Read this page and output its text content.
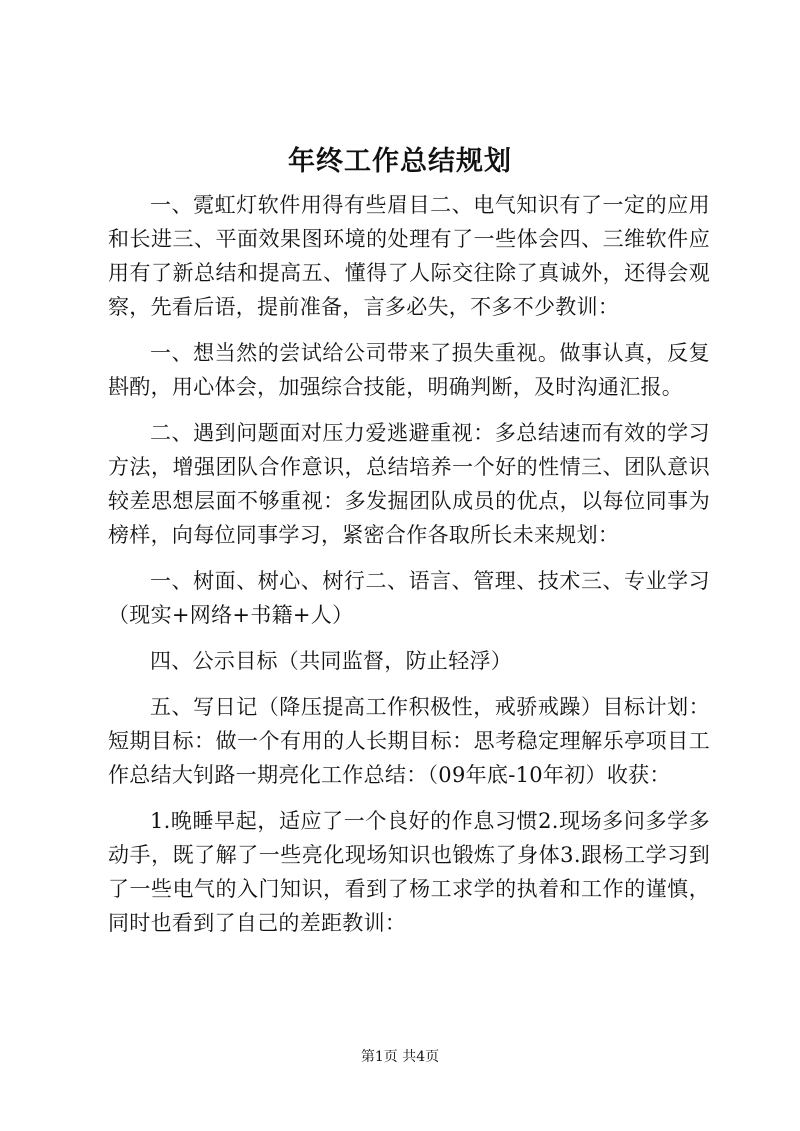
年终工作总结规划

一、霓虹灯软件用得有些眉目二、电气知识有了一定的应用和长进三、平面效果图环境的处理有了一些体会四、三维软件应用有了新总结和提高五、懂得了人际交往除了真诚外，还得会观察，先看后语，提前准备，言多必失，不多不少教训：

一、想当然的尝试给公司带来了损失重视。做事认真，反复斟酌，用心体会，加强综合技能，明确判断，及时沟通汇报。

二、遇到问题面对压力爱逃避重视：多总结速而有效的学习方法，增强团队合作意识，总结培养一个好的性情三、团队意识较差思想层面不够重视：多发掘团队成员的优点，以每位同事为榜样，向每位同事学习，紧密合作各取所长未来规划：

一、树面、树心、树行二、语言、管理、技术三、专业学习（现实+网络+书籍+人）

四、公示目标（共同监督，防止轻浮）

五、写日记（降压提高工作积极性，戒骄戒躁）目标计划：短期目标：做一个有用的人长期目标：思考稳定理解乐亭项目工作总结大钊路一期亮化工作总结：（09年底-10年初）收获：

1.晚睡早起，适应了一个良好的作息习惯2.现场多问多学多动手，既了解了一些亮化现场知识也锻炼了身体3.跟杨工学习到了一些电气的入门知识，看到了杨工求学的执着和工作的谨慎，同时也看到了自己的差距教训：

第1页 共4页
